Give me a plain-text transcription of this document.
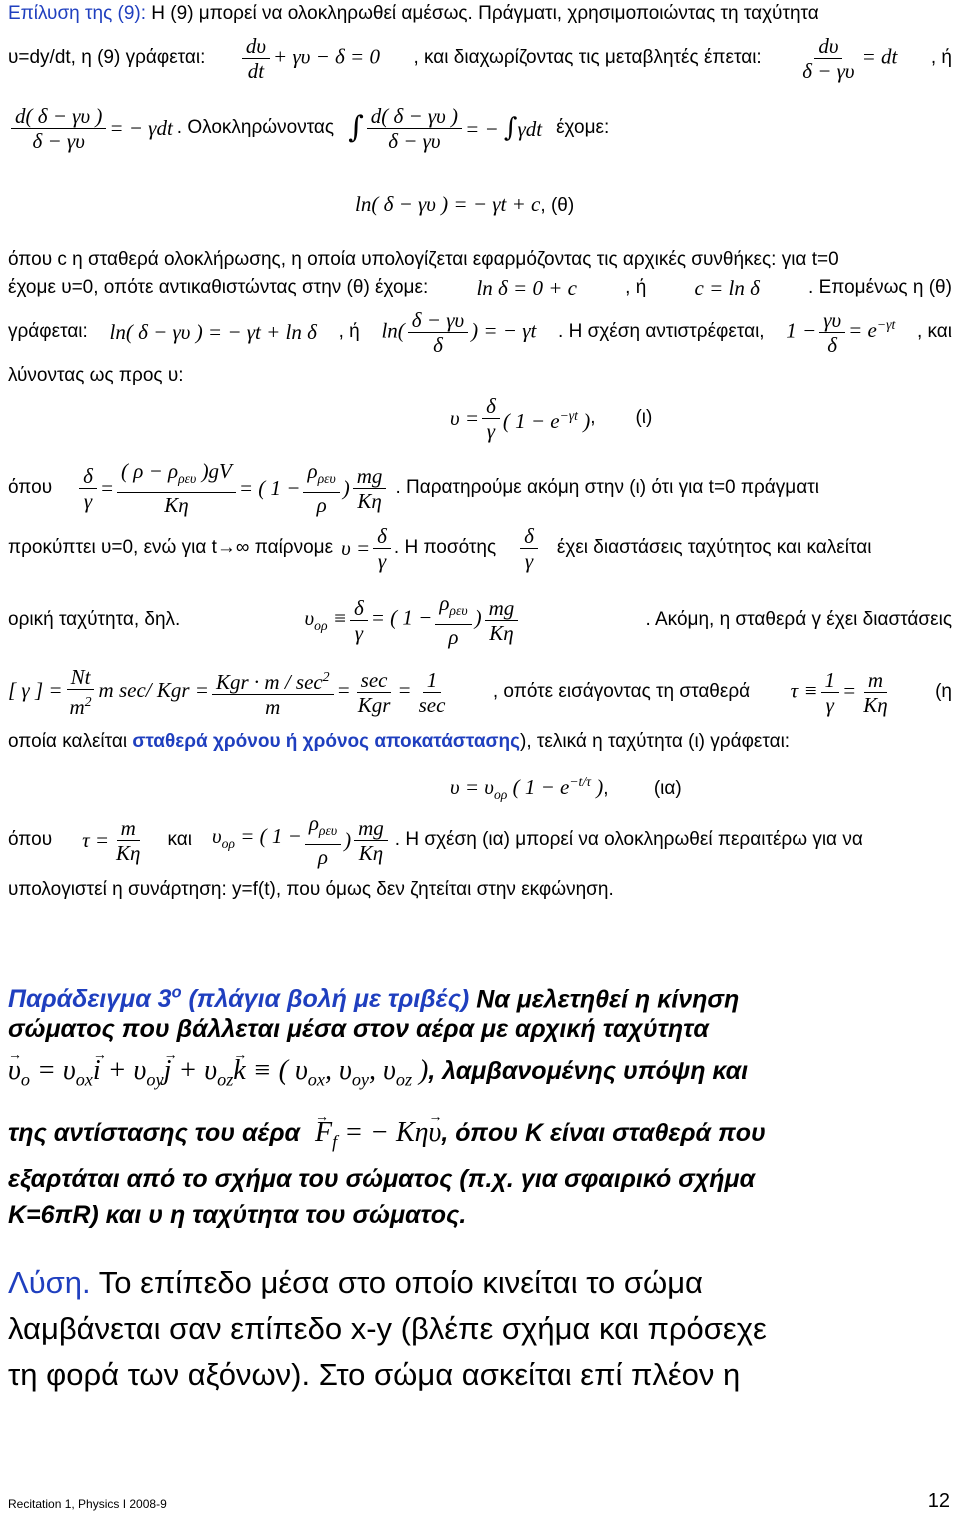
Επίλυση της (9): Η (9) μπορεί να ολοκληρωθεί αμέσως. Πράγματι, χρησιμοποιώντας τη ταχύτητα
υ=dy/dt, η (9) γράφεται: $\frac{d\upsilon}{dt} + \gamma\upsilon - \delta = 0$ , και διαχωρίζοντας τις μεταβλητές έπεται: $\frac{d\upsilon}{\delta - \gamma\upsilon}$ = dt , ή
$\frac{d( \delta - \gamma\upsilon )}{\delta - \gamma\upsilon}$ = − γdt . Ολοκληρώνοντας ∫ $\frac{d( \delta - \gamma\upsilon )}{\delta - \gamma\upsilon}$ = − ∫γdt έχομε:
ln( δ − γυ ) = − γt + c, (θ)
όπου c η σταθερά ολοκλήρωσης, η οποία υπολογίζεται εφαρμόζοντας τις αρχικές συνθήκες: για t=0
έχομε υ=0, οπότε αντικαθιστώντας στην (θ) έχομε: ln δ = 0 + c	, ή c = ln δ	. Επομένως η (θ)
γράφεται: ln( δ − γυ ) = − γt + ln δ , ή $\ln( \frac{\delta - \gamma\upsilon}{\delta}$ ) = − γt . Η σχέση αντιστρέφεται, $1 - \frac{\gamma\upsilon}{\delta} = e^{-\gamma t}$ , και
λύνοντας ως προς υ:
$\upsilon = \frac{\delta}{\gamma}$ ( $1 - e^{-\gamma t}$ ) , (ι)
όπου $\frac{\delta}{\gamma} = \frac{( \rho - \rho_{\rho\varepsilon\upsilon} )gV}{K\eta}$ = ( $1 - \frac{\rho_{\rho\varepsilon\upsilon}}{\rho}$ ) $\frac{mg}{K\eta}$ . Παρατηρούμε ακόμη στην (ι) ότι για t=0 πράγματι
προκύπτει υ=0, ενώ για t→∞ παίρνομε $\upsilon = \frac{\delta}{\gamma}$ . Η ποσότης $\frac{\delta}{\gamma}$ έχει διαστάσεις ταχύτητος και καλείται
ορική ταχύτητα, δηλ.	$\upsilon_{o\rho} \equiv \frac{\delta}{\gamma}$ = ( $1 - \frac{\rho_{\rho\varepsilon\upsilon}}{\rho}$ ) $\frac{mg}{K\eta}$	. Ακόμη, η σταθερά γ έχει διαστάσεις
[ γ ] = $\frac{Nt}{m^2}$ m sec/ Kgr = $\frac{Kgr \cdot m / \sec^2}{m} = \frac{\sec}{\text{Kgr}} = \frac{1}{\sec}$ , οπότε εισάγοντας τη σταθερά $\tau \equiv \frac{1}{\gamma} = \frac{m}{K\eta} (\eta$
οποία καλείται σταθερά χρόνου ή χρόνος αποκατάστασης), τελικά η ταχύτητα (ι) γράφεται:
$\upsilon = \upsilon_{o\rho}$ ( $1 - e^{-t/\tau}$ ), (ια)
όπου $\tau = \frac{m}{K\eta}$ και $\upsilon_{o\rho}$ = ( $1 - \frac{\rho_{\rho\varepsilon\upsilon}}{\rho}$ ) $\frac{mg}{K\eta}$ . Η σχέση (ια) μπορεί να ολοκληρωθεί περαιτέρω για να
υπολογιστεί η συνάρτηση: y=f(t), που όμως δεν ζητείται στην εκφώνηση.
Παράδειγμα $3^o$ (πλάγια βολή με τριβές) Να μελετηθεί η κίνηση
σώματος που βάλλεται μέσα στον αέρα με αρχική ταχύτητα
→ $\upsilon_o = \upsilon_{ox}\to i + \upsilon_{oy}\to j + \upsilon_{oz}\to k$ ≡ ( $\upsilon_{ox}$, $\upsilon_{oy}$, $\upsilon_{oz}$ ), λαμβανομένης υπόψη και
της αντίστασης του $\alpha έ\rho\alpha \to F_f$ = − Kη→ υ, όπου Κ είναι σταθερά που
εξαρτάται από το σχήμα του σώματος (π.χ. για σφαιρικό σχήμα
Κ=6πR) και υ η ταχύτητα του σώματος.
Λύση. Το επίπεδο μέσα στο οποίο κινείται το σώμα
λαμβάνεται σαν επίπεδο x-y (βλέπε σχήμα και πρόσεχε
τη φορά των αξόνων). Στο σώμα ασκείται επί πλέον η
Recitation 1, Physics I 2008-9	12
